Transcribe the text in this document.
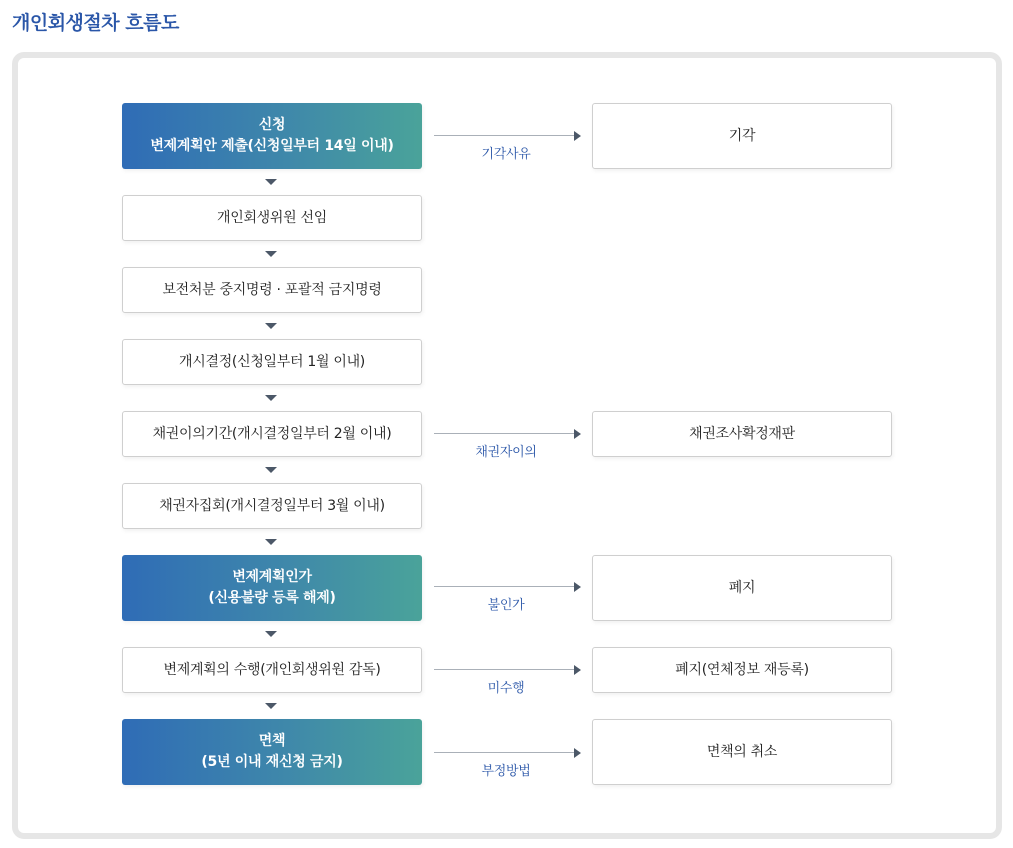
개인회생절차 흐름도
신청
변제계획안 제출(신청일부터 14일 이내)
개인회생위원 선임
보전처분 중지명령 · 포괄적 금지명령
개시결정(신청일부터 1월 이내)
채권이의기간(개시결정일부터 2월 이내)
채권자집회(개시결정일부터 3월 이내)
변제계획인가
(신용불량 등록 해제)
변제계획의 수행(개인회생위원 감독)
면책
(5년 이내 재신청 금지)
기각사유
기각
채권자이의
채권조사확정재판
불인가
폐지
미수행
폐지(연체정보 재등록)
부정방법
면책의 취소
